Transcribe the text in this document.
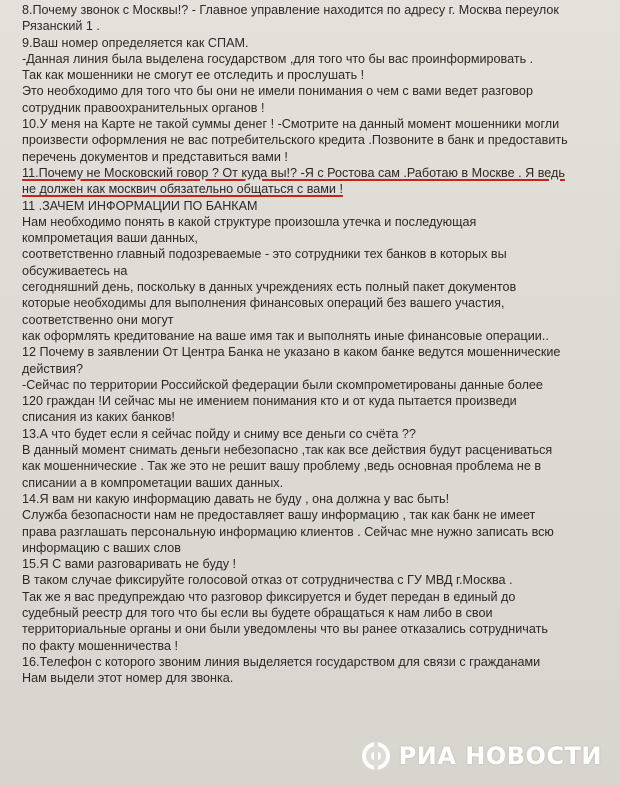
8.Почему звонок с Москвы!? - Главное управление находится по адресу г. Москва переулок

Рязанский 1 .

9.Ваш номер определяется как СПАМ.

-Данная линия была выделена государством ,для того что бы вас проинформировать .

Так как мошенники не смогут ее отследить и прослушать !

Это необходимо для того что бы они не имели понимания о чем с вами ведет разговор

сотрудник правоохранительных органов !

10.У меня на Карте не такой суммы денег ! -Смотрите на данный момент мошенники могли

произвести оформления не вас потребительского кредита .Позвоните в банк и предоставить

перечень документов и представиться вами !

11.Почему не Московский говор ? От куда вы!? -Я с Ростова сам .Работаю в Москве . Я ведь

не должен как москвич обязательно общаться с вами !

11 .ЗАЧЕМ ИНФОРМАЦИИ ПО БАНКАМ

Нам необходимо понять в какой структуре произошла утечка и последующая

компрометация ваши данных,

соответственно главный подозреваемые - это сотрудники тех банков в которых вы

обсуживаетесь на

сегодняшний день, поскольку в данных учреждениях есть полный пакет документов

которые необходимы для выполнения финансовых операций без вашего участия,

соответственно они могут

как оформлять кредитование на ваше имя так и выполнять иные финансовые операции..

12 Почему в заявлении От Центра Банка не указано в каком банке ведутся мошеннические

действия?

-Сейчас по территории Российской федерации были скомпрометированы данные более

120 граждан !И сейчас мы не имением понимания кто и от куда пытается произведи

списания из каких банков!

13.А что будет если я сейчас пойду и сниму все деньги со счёта ??

В данный момент снимать деньги небезопасно ,так как все действия будут расцениваться

как мошеннические . Так же это не решит вашу проблему ,ведь основная проблема не в

списании а в компрометации ваших данных.

14.Я вам ни какую информацию давать не буду , она должна у вас быть!

Служба безопасности нам не предоставляет вашу информацию , так как банк не имеет

права разглашать персональную информацию клиентов . Сейчас мне нужно записать всю

информацию с ваших слов

15.Я С вами разговаривать не буду !

В таком случае фиксируйте голосовой отказ от сотрудничества с ГУ МВД г.Москва .

Так же я вас предупреждаю что разговор фиксируется и будет передан в единый до

судебный реестр для того что бы если вы будете обращаться к нам либо в свои

территориальные органы и они были уведомлены что вы ранее отказались сотрудничать

по факту мошенничества !

16.Телефон с которого звоним линия выделяется государством для связи с гражданами

Нам выдели этот номер для звонка.

РИА НОВОСТИ
